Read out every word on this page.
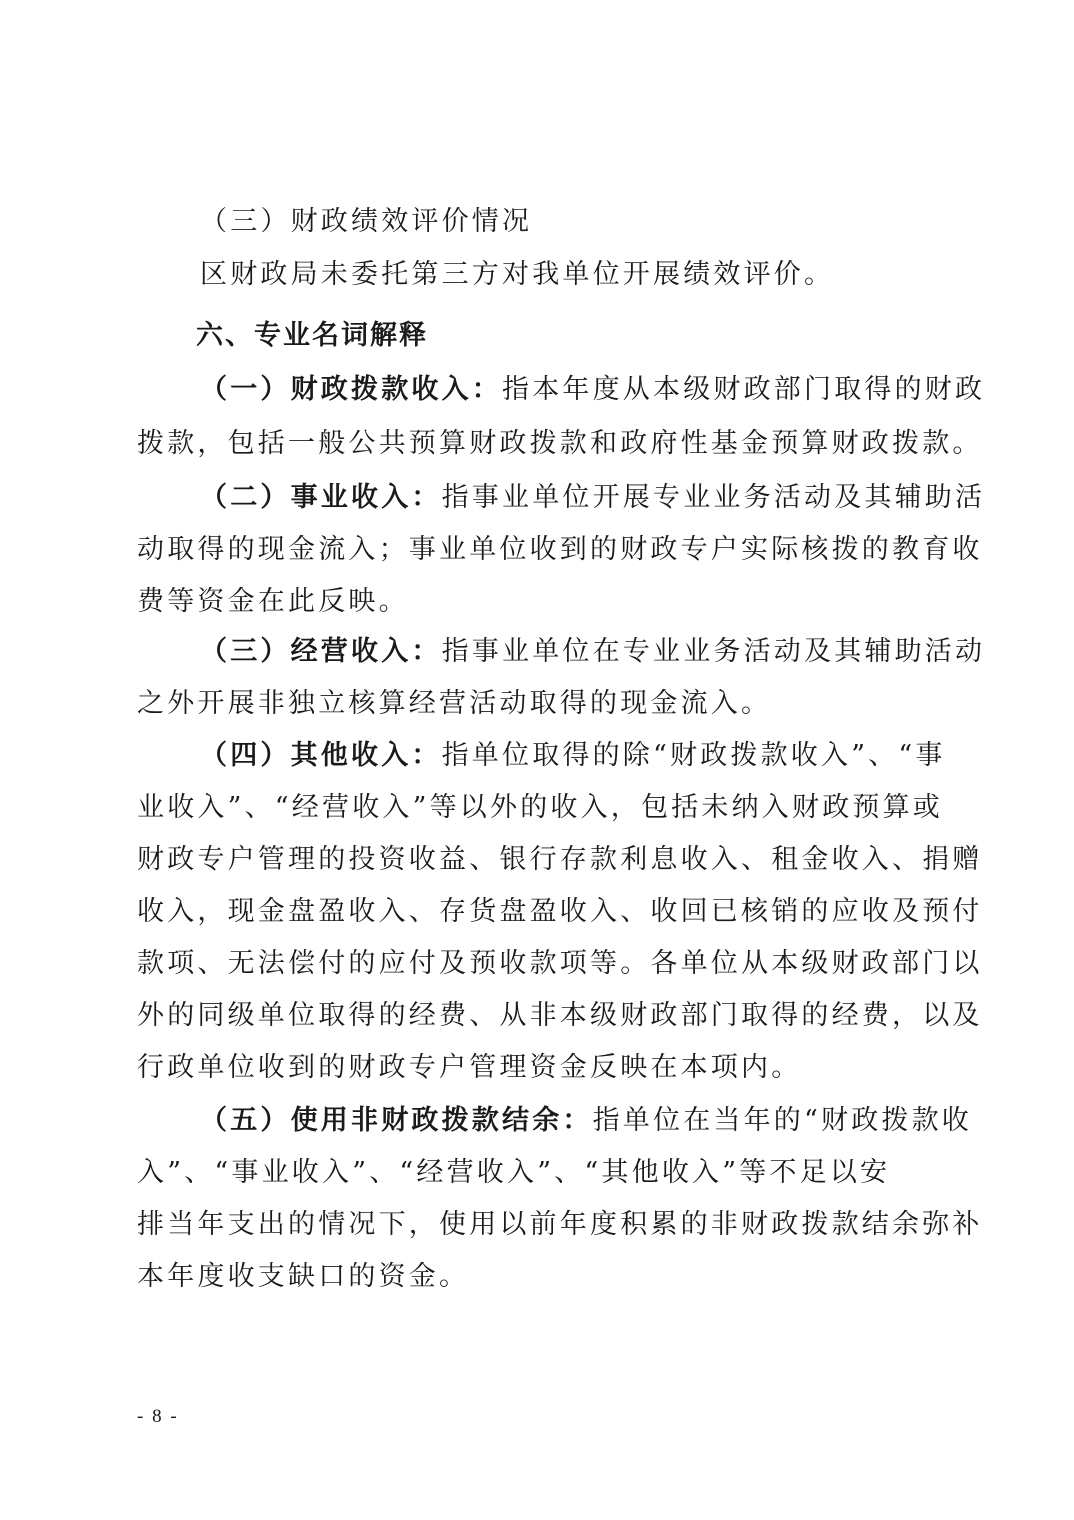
（三）财政绩效评价情况

区财政局未委托第三方对我单位开展绩效评价。

六、专业名词解释

（一）财政拨款收入：指本年度从本级财政部门取得的财政

拨款，包括一般公共预算财政拨款和政府性基金预算财政拨款。

（二）事业收入：指事业单位开展专业业务活动及其辅助活

动取得的现金流入；事业单位收到的财政专户实际核拨的教育收

费等资金在此反映。

（三）经营收入：指事业单位在专业业务活动及其辅助活动

之外开展非独立核算经营活动取得的现金流入。

（四）其他收入：指单位取得的除“财政拨款收入”、“事

业收入”、“经营收入”等以外的收入，包括未纳入财政预算或

财政专户管理的投资收益、银行存款利息收入、租金收入、捐赠

收入，现金盘盈收入、存货盘盈收入、收回已核销的应收及预付

款项、无法偿付的应付及预收款项等。各单位从本级财政部门以

外的同级单位取得的经费、从非本级财政部门取得的经费，以及

行政单位收到的财政专户管理资金反映在本项内。

（五）使用非财政拨款结余：指单位在当年的“财政拨款收

入”、“事业收入”、“经营收入”、“其他收入”等不足以安

排当年支出的情况下，使用以前年度积累的非财政拨款结余弥补

本年度收支缺口的资金。

- 8 -
